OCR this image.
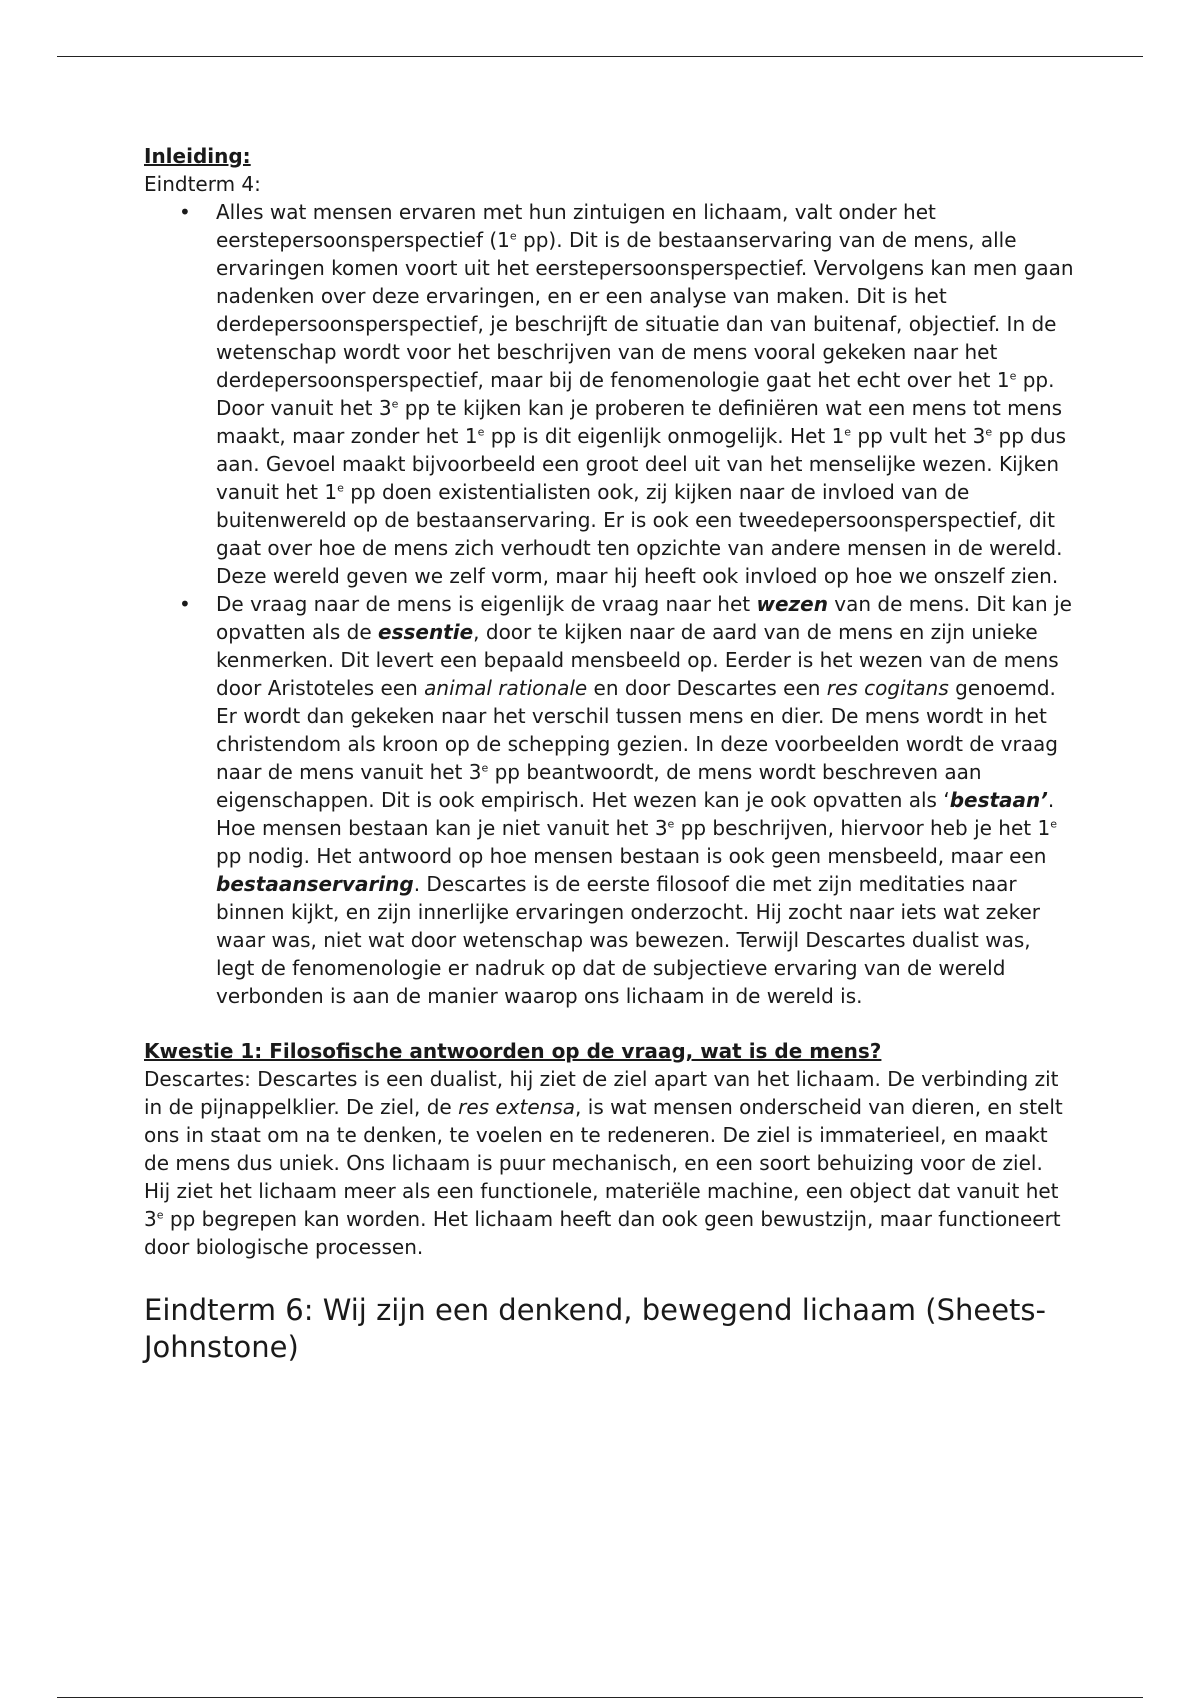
Inleiding:

Eindterm 4:

•	Alles wat mensen ervaren met hun zintuigen en lichaam, valt onder het eerstepersoonsperspectief (1e pp). Dit is de bestaanservaring van de mens, alle ervaringen komen voort uit het eerstepersoonsperspectief. Vervolgens kan men gaan nadenken over deze ervaringen, en er een analyse van maken. Dit is het derdepersoonsperspectief, je beschrijft de situatie dan van buitenaf, objectief. In de wetenschap wordt voor het beschrijven van de mens vooral gekeken naar het derdepersoonsperspectief, maar bij de fenomenologie gaat het echt over het 1e pp. Door vanuit het 3e pp te kijken kan je proberen te definiëren wat een mens tot mens maakt, maar zonder het 1e pp is dit eigenlijk onmogelijk. Het 1e pp vult het 3e pp dus aan. Gevoel maakt bijvoorbeeld een groot deel uit van het menselijke wezen. Kijken vanuit het 1e pp doen existentialisten ook, zij kijken naar de invloed van de buitenwereld op de bestaanservaring. Er is ook een tweedepersoonsperspectief, dit gaat over hoe de mens zich verhoudt ten opzichte van andere mensen in de wereld. Deze wereld geven we zelf vorm, maar hij heeft ook invloed op hoe we onszelf zien.

•	De vraag naar de mens is eigenlijk de vraag naar het wezen van de mens. Dit kan je opvatten als de essentie, door te kijken naar de aard van de mens en zijn unieke kenmerken. Dit levert een bepaald mensbeeld op. Eerder is het wezen van de mens door Aristoteles een animal rationale en door Descartes een res cogitans genoemd. Er wordt dan gekeken naar het verschil tussen mens en dier. De mens wordt in het christendom als kroon op de schepping gezien. In deze voorbeelden wordt de vraag naar de mens vanuit het 3e pp beantwoordt, de mens wordt beschreven aan eigenschappen. Dit is ook empirisch. Het wezen kan je ook opvatten als ‘bestaan’. Hoe mensen bestaan kan je niet vanuit het 3e pp beschrijven, hiervoor heb je het 1e pp nodig. Het antwoord op hoe mensen bestaan is ook geen mensbeeld, maar een bestaanservaring. Descartes is de eerste filosoof die met zijn meditaties naar binnen kijkt, en zijn innerlijke ervaringen onderzocht. Hij zocht naar iets wat zeker waar was, niet wat door wetenschap was bewezen. Terwijl Descartes dualist was, legt de fenomenologie er nadruk op dat de subjectieve ervaring van de wereld verbonden is aan de manier waarop ons lichaam in de wereld is.

Kwestie 1: Filosofische antwoorden op de vraag, wat is de mens?

Descartes: Descartes is een dualist, hij ziet de ziel apart van het lichaam. De verbinding zit in de pijnappelklier. De ziel, de res extensa, is wat mensen onderscheid van dieren, en stelt ons in staat om na te denken, te voelen en te redeneren. De ziel is immaterieel, en maakt de mens dus uniek. Ons lichaam is puur mechanisch, en een soort behuizing voor de ziel. Hij ziet het lichaam meer als een functionele, materiële machine, een object dat vanuit het 3e pp begrepen kan worden. Het lichaam heeft dan ook geen bewustzijn, maar functioneert door biologische processen.

Eindterm 6: Wij zijn een denkend, bewegend lichaam (Sheets-Johnstone)
